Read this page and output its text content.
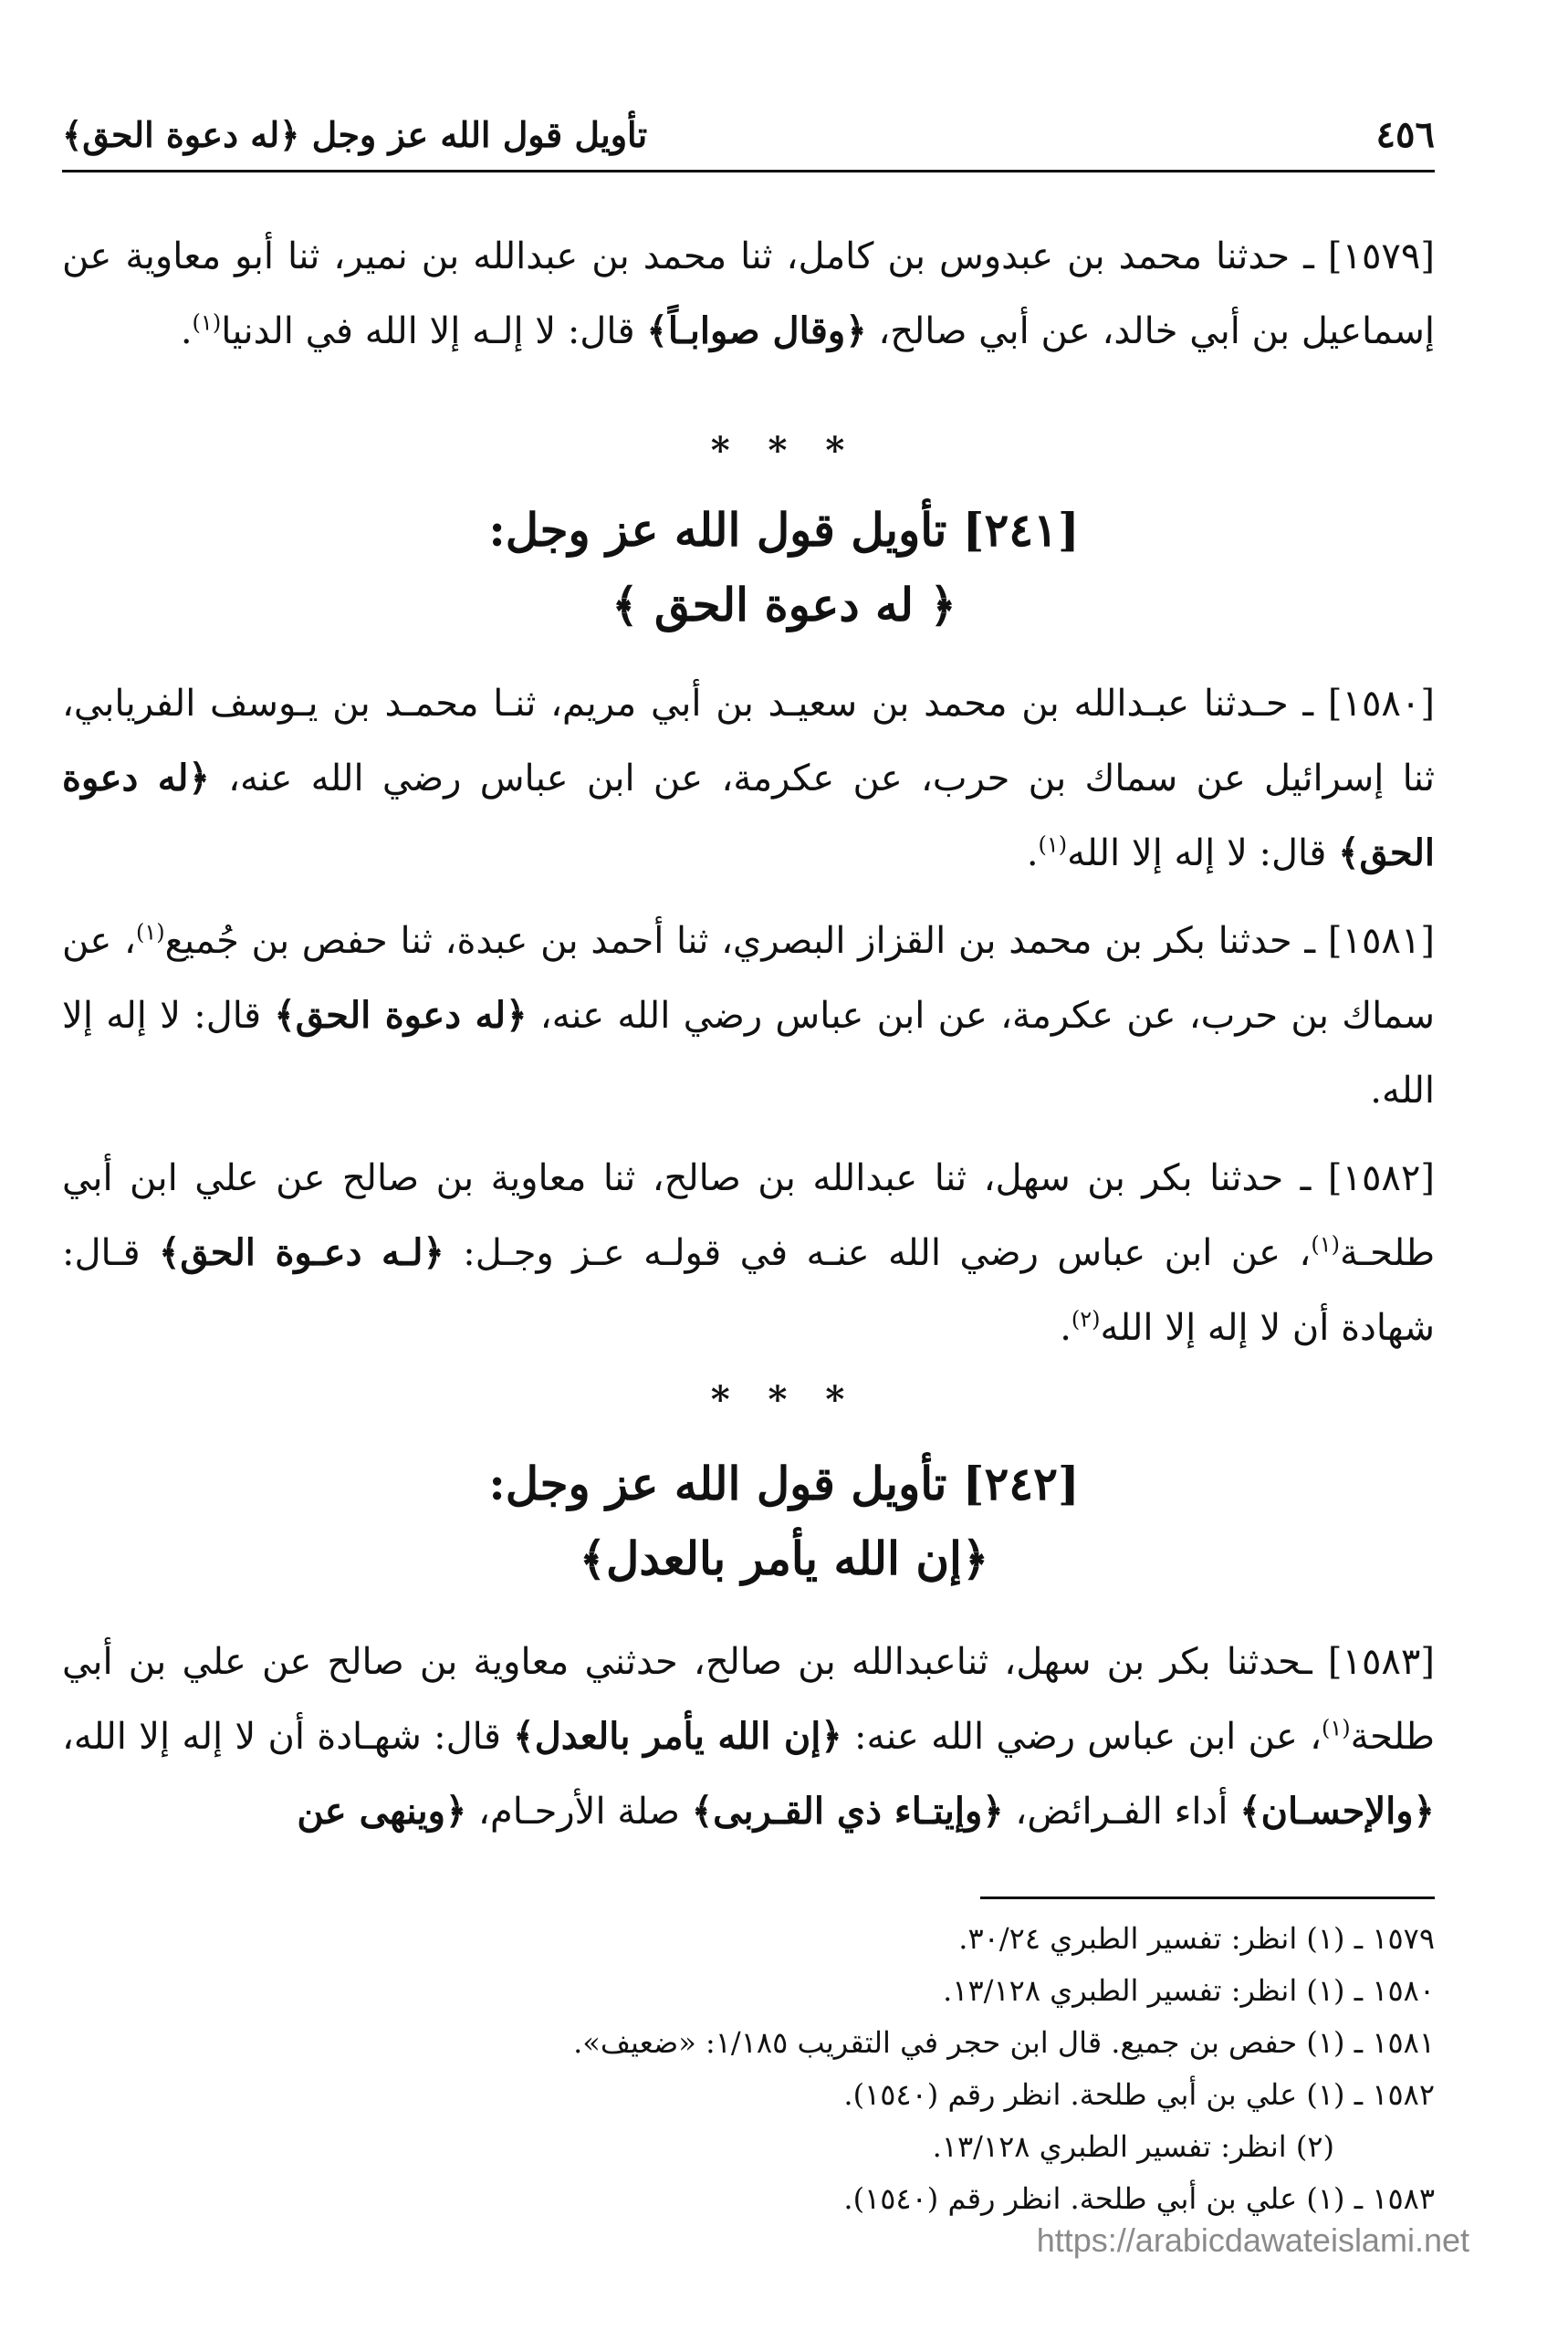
٤٥٦
تأويل قول الله عز وجل ﴿له دعوة الحق﴾
[١٥٧٩] ـ حدثنا محمد بن عبدوس بن كامل، ثنا محمد بن عبدالله بن نمير، ثنا أبو معاوية عن إسماعيل بن أبي خالد، عن أبي صالح، ﴿وقال صوابـاً﴾ قال: لا إلـه إلا الله في الدنيا$^{(١)}$.
* * *
[٢٤١] تأويل قول الله عز وجل:
﴿ له دعوة الحق ﴾
[١٥٨٠] ـ حـدثنا عبـدالله بن محمد بن سعيـد بن أبي مريم، ثنـا محمـد بن يـوسف الفريابي، ثنا إسرائيل عن سماك بن حرب، عن عكرمة، عن ابن عباس رضي الله عنه، ﴿له دعوة الحق﴾ قال: لا إله إلا الله$^{(١)}$.
[١٥٨١] ـ حدثنا بكر بن محمد بن القزاز البصري، ثنا أحمد بن عبدة، ثنا حفص بن جُميع$^{(١)}$، عن سماك بن حرب، عن عكرمة، عن ابن عباس رضي الله عنه، ﴿له دعوة الحق﴾ قال: لا إله إلا الله.
[١٥٨٢] ـ حدثنا بكر بن سهل، ثنا عبدالله بن صالح، ثنا معاوية بن صالح عن علي ابن أبي طلحـة$^{(١)}$، عن ابن عباس رضي الله عنـه في قولـه عـز وجـل: ﴿لـه دعـوة الحق﴾ قـال: شهادة أن لا إله إلا الله$^{(٢)}$.
* * *
[٢٤٢] تأويل قول الله عز وجل:
﴿إن الله يأمر بالعدل﴾
[١٥٨٣] ـحدثنا بكر بن سهل، ثناعبدالله بن صالح، حدثني معاوية بن صالح عن علي بن أبي طلحة$^{(١)}$، عن ابن عباس رضي الله عنه: ﴿إن الله يأمر بالعدل﴾ قال: شهـادة أن لا إله إلا الله، ﴿والإحسـان﴾ أداء الفـرائض، ﴿وإيتـاء ذي القـربى﴾ صلة الأرحـام، ﴿وينهى عن
١٥٧٩ ـ (١) انظر: تفسير الطبري ٣٠/٢٤.
١٥٨٠ ـ (١) انظر: تفسير الطبري ١٣/١٢٨.
١٥٨١ ـ (١) حفص بن جميع. قال ابن حجر في التقريب ١/١٨٥: «ضعيف».
١٥٨٢ ـ (١) علي بن أبي طلحة. انظر رقم (١٥٤٠).
(٢) انظر: تفسير الطبري ١٣/١٢٨.
١٥٨٣ ـ (١) علي بن أبي طلحة. انظر رقم (١٥٤٠).
https://arabicdawateislami.net
